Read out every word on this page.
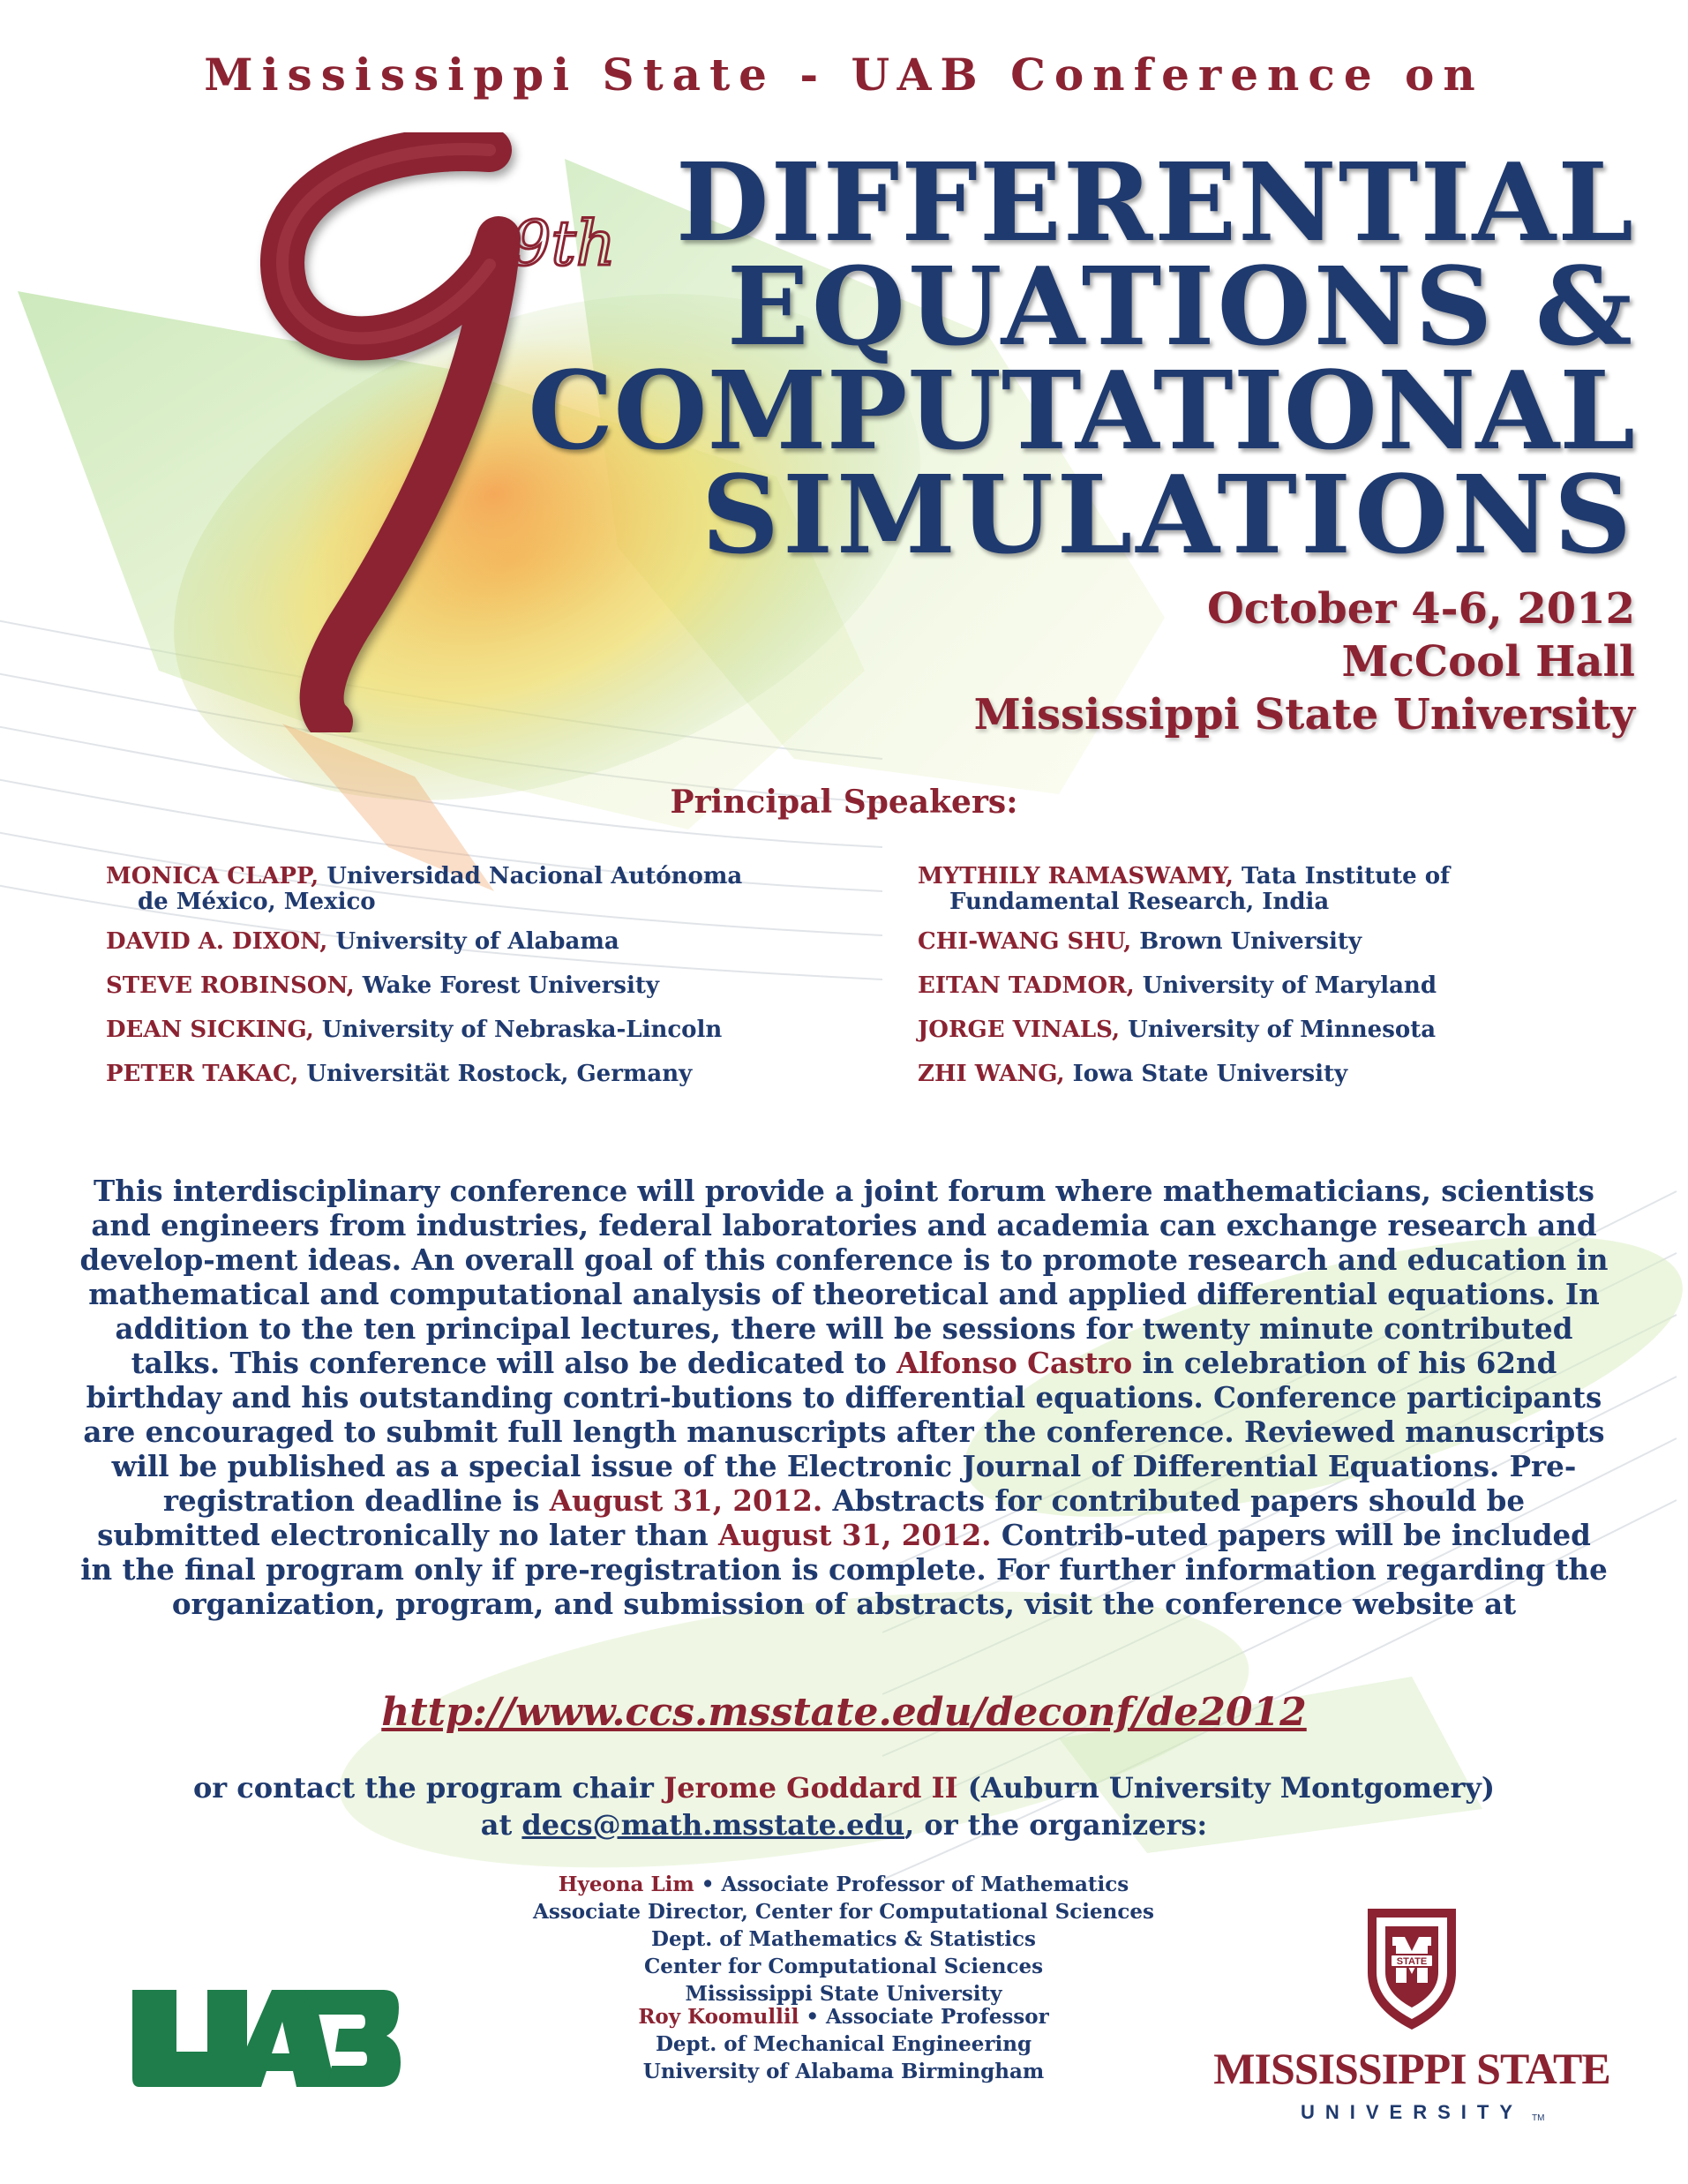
Mississippi State - UAB Conference on
9th DIFFERENTIAL
EQUATIONS &
COMPUTATIONAL
SIMULATIONS
October 4-6, 2012
McCool Hall
Mississippi State University
Principal Speakers:

MONICA CLAPP, Universidad Nacional Autónoma
de México, Mexico

DAVID A. DIXON, University of Alabama

STEVE ROBINSON, Wake Forest University

DEAN SICKING, University of Nebraska-Lincoln

PETER TAKAC, Universität Rostock, Germany

MYTHILY RAMASWAMY, Tata Institute of
Fundamental Research, India

CHI-WANG SHU, Brown University

EITAN TADMOR, University of Maryland

JORGE VINALS, University of Minnesota

ZHI WANG, Iowa State University

This interdisciplinary conference will provide a joint forum where mathematicians, scientists and engineers from industries, federal laboratories and academia can exchange research and develop-ment ideas. An overall goal of this conference is to promote research and education in mathematical and computational analysis of theoretical and applied differential equations. In addition to the ten principal lectures, there will be sessions for twenty minute contributed talks. This conference will also be dedicated to Alfonso Castro in celebration of his 62nd birthday and his outstanding contri-butions to differential equations. Conference participants are encouraged to submit full length manuscripts after the conference. Reviewed manuscripts will be published as a special issue of the Electronic Journal of Differential Equations. Pre-registration deadline is August 31, 2012. Abstracts for contributed papers should be submitted electronically no later than August 31, 2012. Contrib-uted papers will be included in the final program only if pre-registration is complete. For further information regarding the organization, program, and submission of abstracts, visit the conference website at
http://www.ccs.msstate.edu/deconf/de2012
or contact the program chair Jerome Goddard II (Auburn University Montgomery)
at decs@math.msstate.edu, or the organizers:
Hyeona Lim • Associate Professor of Mathematics
Associate Director, Center for Computational Sciences
Dept. of Mathematics & Statistics
Center for Computational Sciences
Mississippi State University
Roy Koomullil • Associate Professor
Dept. of Mechanical Engineering
University of Alabama Birmingham
UAB
STATE
MISSISSIPPI STATE
UNIVERSITY TM
